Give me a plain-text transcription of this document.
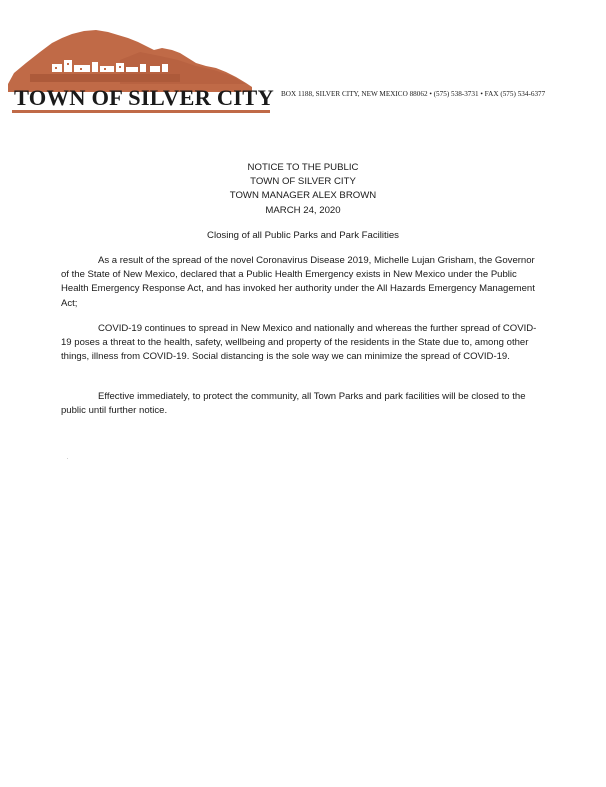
TOWN OF SILVER CITY BOX 1188, SILVER CITY, NEW MEXICO 88062 • (575) 538-3731 • FAX (575) 534-6377
NOTICE TO THE PUBLIC
TOWN OF SILVER CITY
TOWN MANAGER ALEX BROWN
MARCH 24, 2020
Closing of all Public Parks and Park Facilities

As a result of the spread of the novel Coronavirus Disease 2019, Michelle Lujan Grisham, the Governor of the State of New Mexico, declared that a Public Health Emergency exists in New Mexico under the Public Health Emergency Response Act, and has invoked her authority under the All Hazards Emergency Management Act;

COVID-19 continues to spread in New Mexico and nationally and whereas the further spread of COVID-19 poses a threat to the health, safety, wellbeing and property of the residents in the State due to, among other things, illness from COVID-19. Social distancing is the sole way we can minimize the spread of COVID-19.

Effective immediately, to protect the community, all Town Parks and park facilities will be closed to the public until further notice.
